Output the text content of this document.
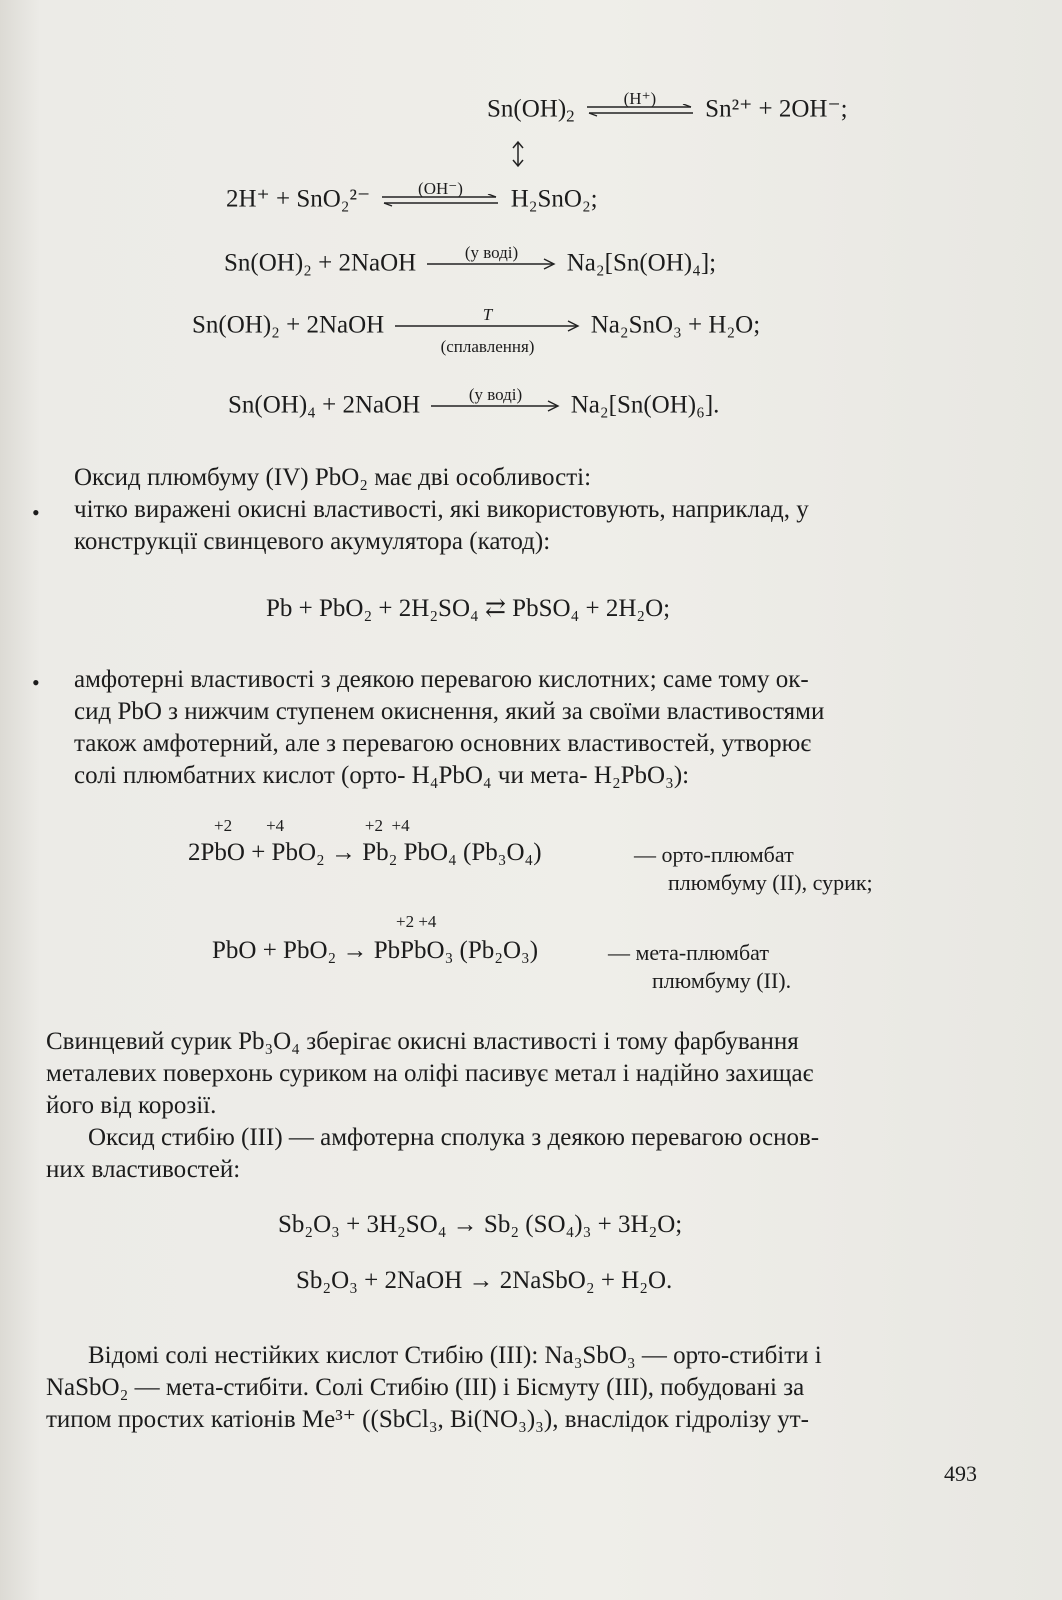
$Sn(OH)_2$
(H⁺)	Sn²⁺ + 2OH⁻;
2H⁺ + SnO₂²⁻	(OH⁻)	H₂SnO₂;
Sn(OH)₂ + 2NaOH	(у воді)	Na₂[Sn(OH)₄];
Sn(OH)₂ + 2NaOH	T
(сплавлення)
Na₂SnO₃ + H₂O;
Sn(OH)₄ + 2NaOH	(у воді)	Na₂[Sn(OH)₆].
Оксид плюмбуму (IV) PbO₂ має дві особливості:
• чітко виражені окисні властивості, які використовують, наприклад, у
конструкції свинцевого акумулятора (катод):
Pb + PbO₂ + 2H₂SO₄ ⇄ PbSO₄ + 2H₂O;
• амфотерні властивості з деякою перевагою кислотних; саме тому ок-
сид PbO з нижчим ступенем окиснення, який за своїми властивостями
також амфотерний, але з перевагою основних властивостей, утворює
солі плюмбатних кислот (орто- H₄PbO₄ чи мета- H₂PbO₃):
+2        +4                   +2  +4
2PbO + PbO₂ → Pb₂ PbO₄ (Pb₃O₄)	— орто-плюмбат
плюмбуму (II), сурик;
+2 +4
PbO + PbO₂ → PbPbO₃ (Pb₂O₃)	— мета-плюмбат
плюмбуму (II).
Свинцевий сурик Pb₃O₄ зберігає окисні властивості і тому фарбування
металевих поверхонь суриком на оліфі пасивує метал і надійно захищає
його від корозії.
Оксид стибію (III) — амфотерна сполука з деякою перевагою основ-
них властивостей:
Sb₂O₃ + 3H₂SO₄ → Sb₂ (SO₄)₃ + 3H₂O;
Sb₂O₃ + 2NaOH → 2NaSbO₂ + H₂O.
Відомі солі нестійких кислот Стибію (III): Na₃SbO₃ — орто-стибіти і
NaSbO₂ — мета-стибіти. Солі Стибію (III) і Бісмуту (III), побудовані за
типом простих катіонів Me³⁺ ((SbCl₃, Bi(NO₃)₃), внаслідок гідролізу ут-
493
